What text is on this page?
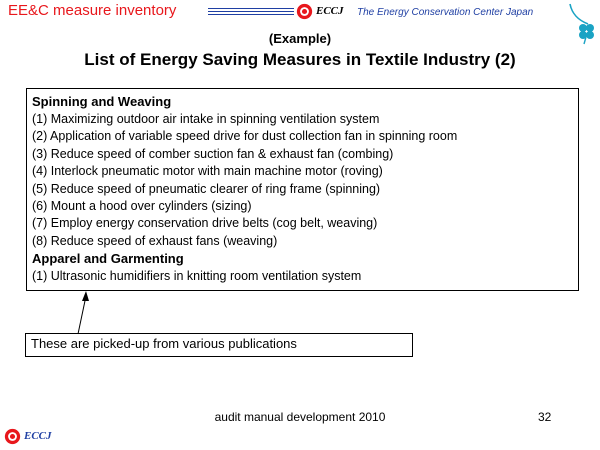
EE&C measure inventory	ECCJ The Energy Conservation Center Japan
(Example)
List of Energy Saving Measures in Textile Industry (2)
Spinning and Weaving
(1) Maximizing outdoor air intake in spinning ventilation system
(2) Application of variable speed drive for dust collection fan in spinning room
(3) Reduce speed of comber suction fan & exhaust fan (combing)
(4) Interlock pneumatic motor with main machine motor (roving)
(5) Reduce speed of pneumatic clearer of ring frame (spinning)
(6) Mount a hood over cylinders (sizing)
(7) Employ energy conservation drive belts (cog belt, weaving)
(8) Reduce speed of exhaust fans (weaving)
Apparel and Garmenting
(1) Ultrasonic humidifiers in knitting room ventilation system
These are picked-up from various publications
audit manual development 2010	32
ECCJ
